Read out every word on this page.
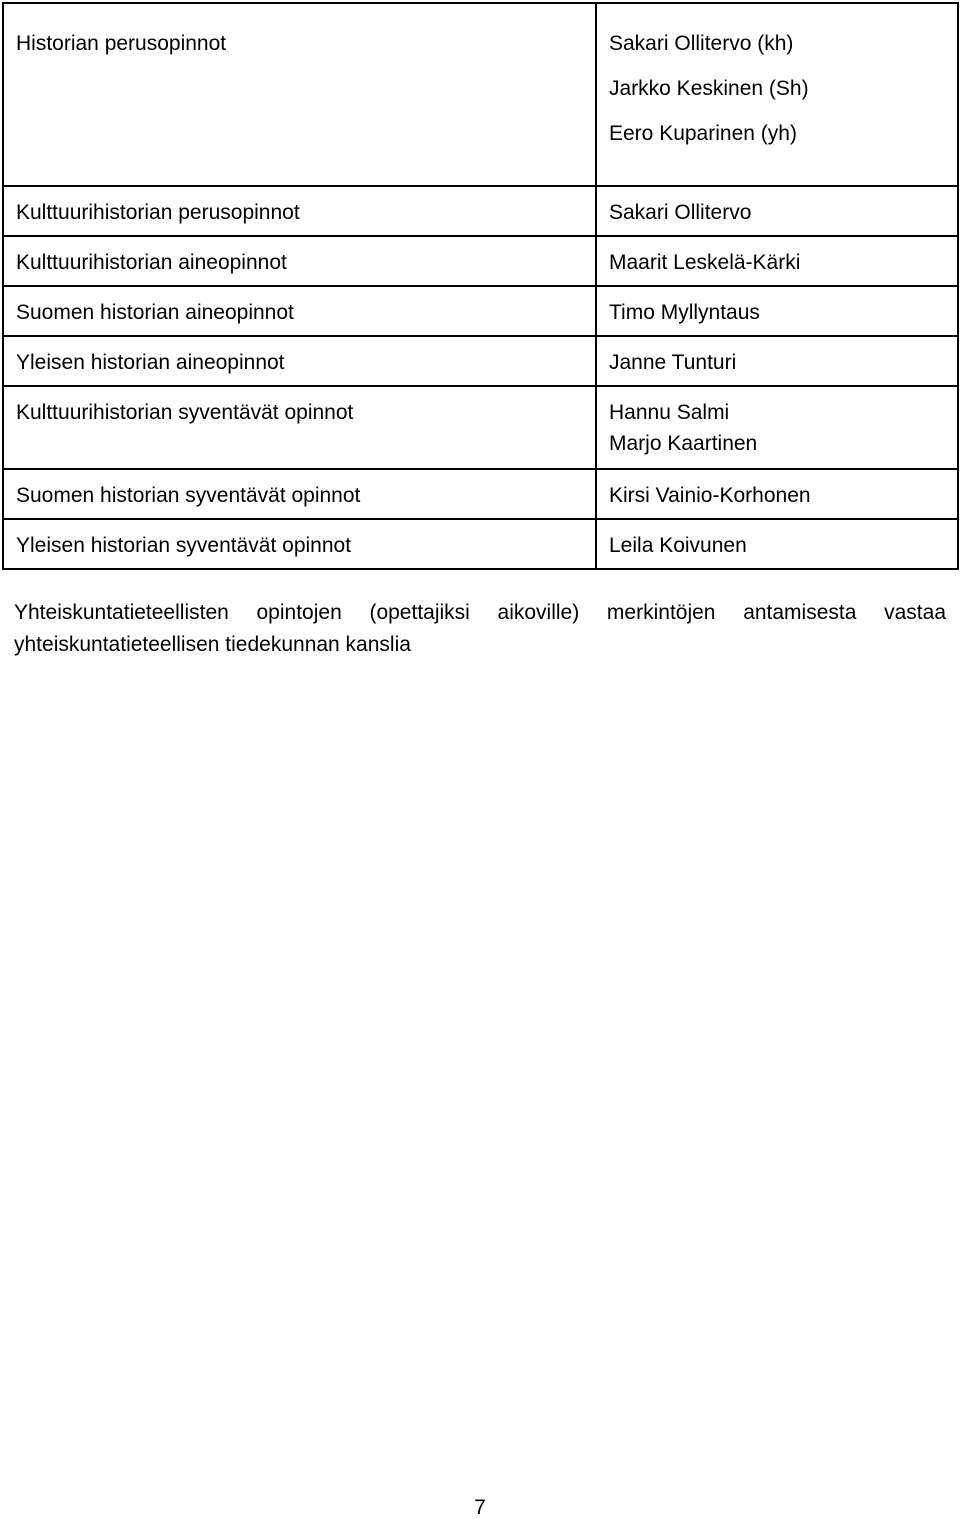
Historian perusopinnot	Sakari Ollitervo (kh)
Jarkko Keskinen (Sh)
Eero Kuparinen (yh)

Kulttuurihistorian perusopinnot	Sakari Ollitervo

Kulttuurihistorian aineopinnot	Maarit Leskelä-Kärki

Suomen historian aineopinnot	Timo Myllyntaus

Yleisen historian aineopinnot	Janne Tunturi

Kulttuurihistorian syventävät opinnot	Hannu Salmi
Marjo Kaartinen

Suomen historian syventävät opinnot	Kirsi Vainio-Korhonen

Yleisen historian syventävät opinnot	Leila Koivunen

Yhteiskuntatieteellisten opintojen (opettajiksi aikoville) merkintöjen antamisesta vastaa yhteiskuntatieteellisen tiedekunnan kanslia

7
